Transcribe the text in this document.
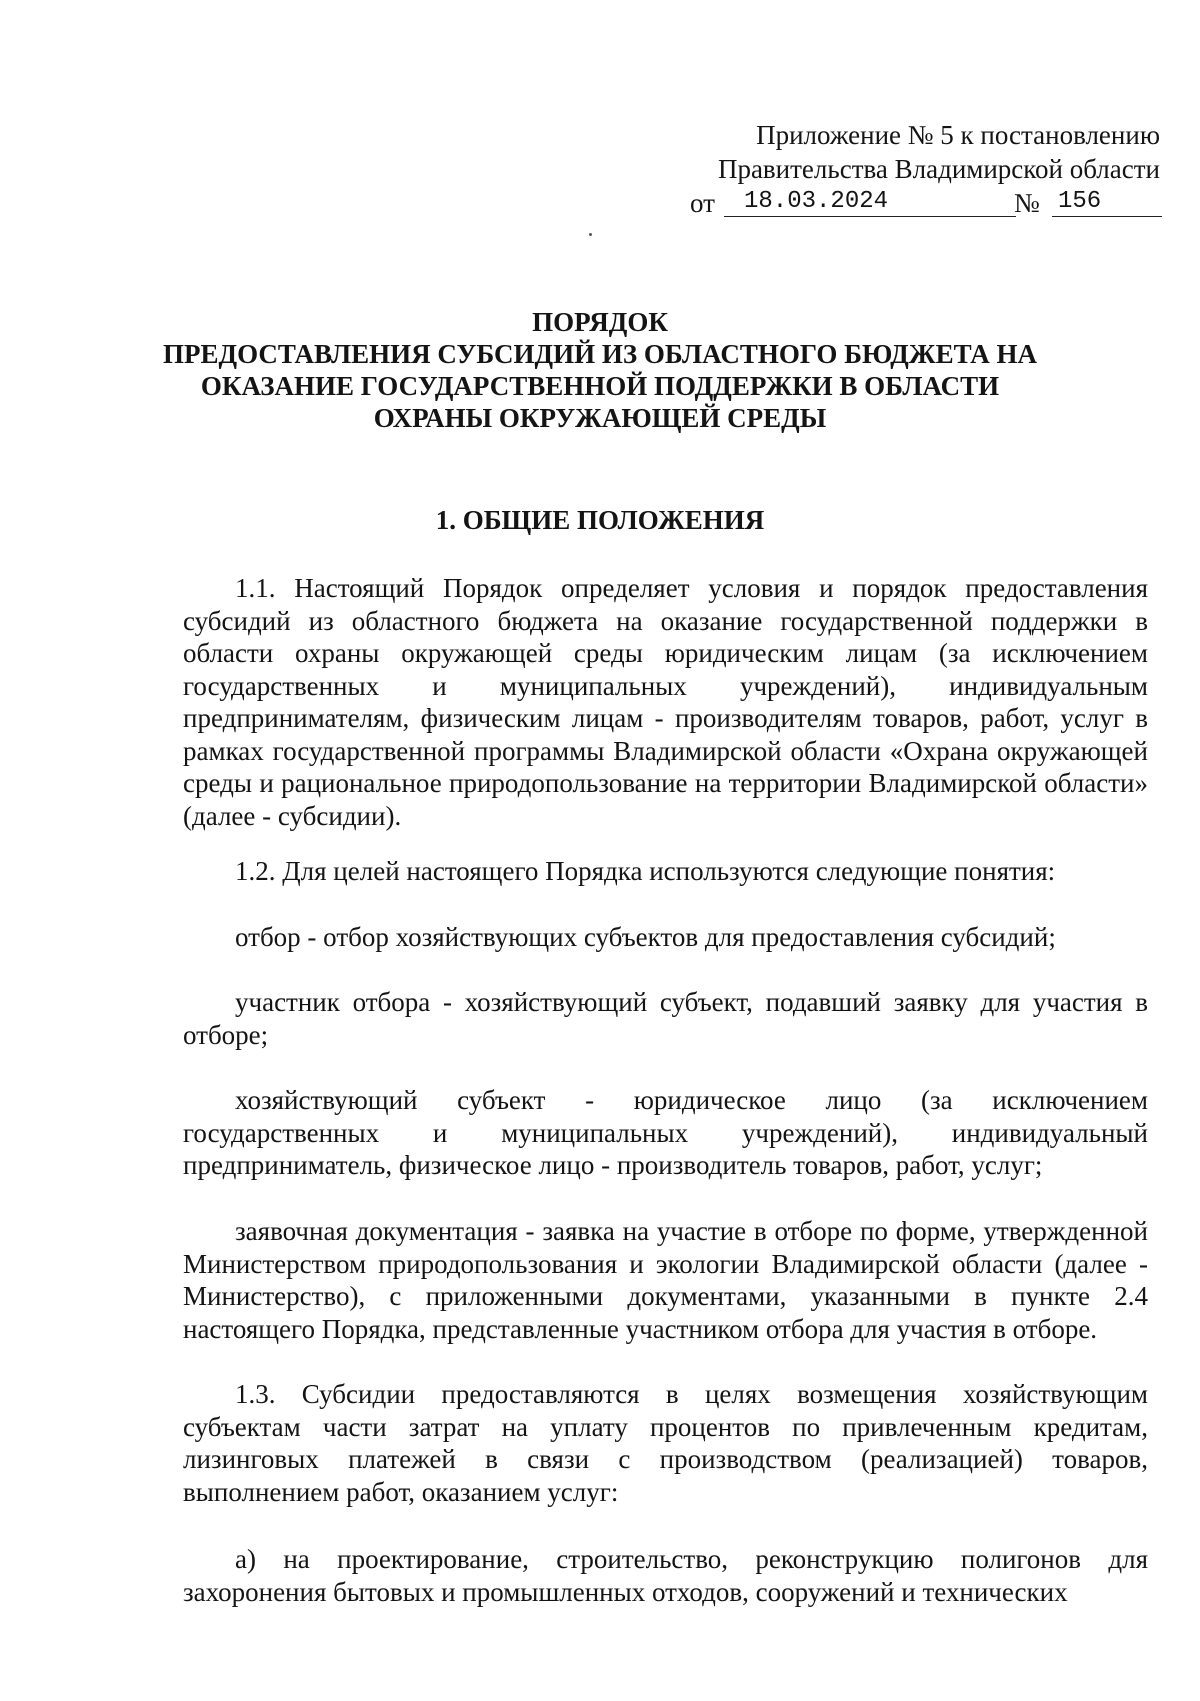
Приложение № 5 к постановлению
Правительства Владимирской области
от	18.03.2024	№ 156
ПОРЯДОК
ПРЕДОСТАВЛЕНИЯ СУБСИДИЙ ИЗ ОБЛАСТНОГО БЮДЖЕТА НА
ОКАЗАНИЕ ГОСУДАРСТВЕННОЙ ПОДДЕРЖКИ В ОБЛАСТИ
ОХРАНЫ ОКРУЖАЮЩЕЙ СРЕДЫ
1. ОБЩИЕ ПОЛОЖЕНИЯ

1.1. Настоящий Порядок определяет условия и порядок предоставления субсидий из областного бюджета на оказание государственной поддержки в области охраны окружающей среды юридическим лицам (за исключением государственных и муниципальных учреждений), индивидуальным предпринимателям, физическим лицам - производителям товаров, работ, услуг в рамках государственной программы Владимирской области «Охрана окружающей среды и рациональное природопользование на территории Владимирской области» (далее - субсидии).

1.2. Для целей настоящего Порядка используются следующие понятия:

отбор - отбор хозяйствующих субъектов для предоставления субсидий;

участник отбора - хозяйствующий субъект, подавший заявку для участия в отборе;

хозяйствующий субъект - юридическое лицо (за исключением государственных и муниципальных учреждений), индивидуальный предприниматель, физическое лицо - производитель товаров, работ, услуг;

заявочная документация - заявка на участие в отборе по форме, утвержденной Министерством природопользования и экологии Владимирской области (далее - Министерство), с приложенными документами, указанными в пункте 2.4 настоящего Порядка, представленные участником отбора для участия в отборе.

1.3. Субсидии предоставляются в целях возмещения хозяйствующим субъектам части затрат на уплату процентов по привлеченным кредитам, лизинговых платежей в связи с производством (реализацией) товаров, выполнением работ, оказанием услуг:

а) на проектирование, строительство, реконструкцию полигонов для захоронения бытовых и промышленных отходов, сооружений и технических
